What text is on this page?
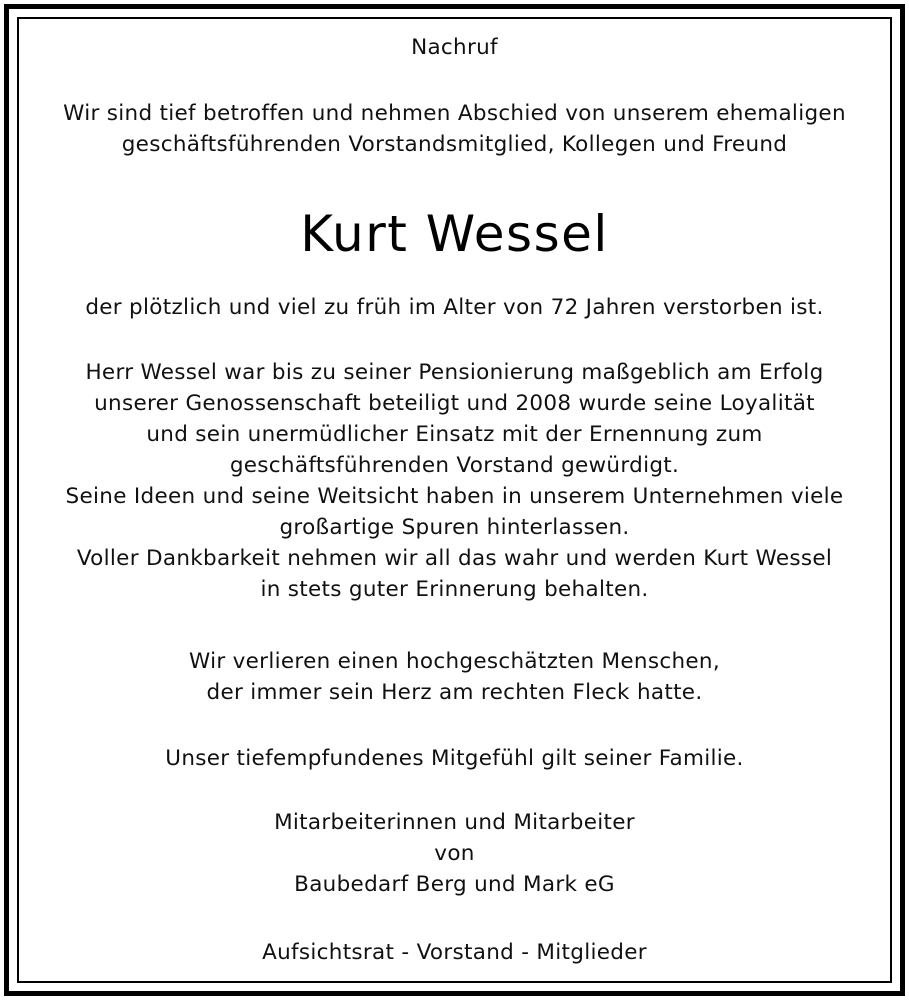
Nachruf
Wir sind tief betroffen und nehmen Abschied von unserem ehemaligen
geschäftsführenden Vorstandsmitglied, Kollegen und Freund
Kurt Wessel
der plötzlich und viel zu früh im Alter von 72 Jahren verstorben ist.
Herr Wessel war bis zu seiner Pensionierung maßgeblich am Erfolg
unserer Genossenschaft beteiligt und 2008 wurde seine Loyalität
und sein unermüdlicher Einsatz mit der Ernennung zum
geschäftsführenden Vorstand gewürdigt.
Seine Ideen und seine Weitsicht haben in unserem Unternehmen viele
großartige Spuren hinterlassen.
Voller Dankbarkeit nehmen wir all das wahr und werden Kurt Wessel
in stets guter Erinnerung behalten.
Wir verlieren einen hochgeschätzten Menschen,
der immer sein Herz am rechten Fleck hatte.
Unser tiefempfundenes Mitgefühl gilt seiner Familie.
Mitarbeiterinnen und Mitarbeiter
von
Baubedarf Berg und Mark eG
Aufsichtsrat - Vorstand - Mitglieder
